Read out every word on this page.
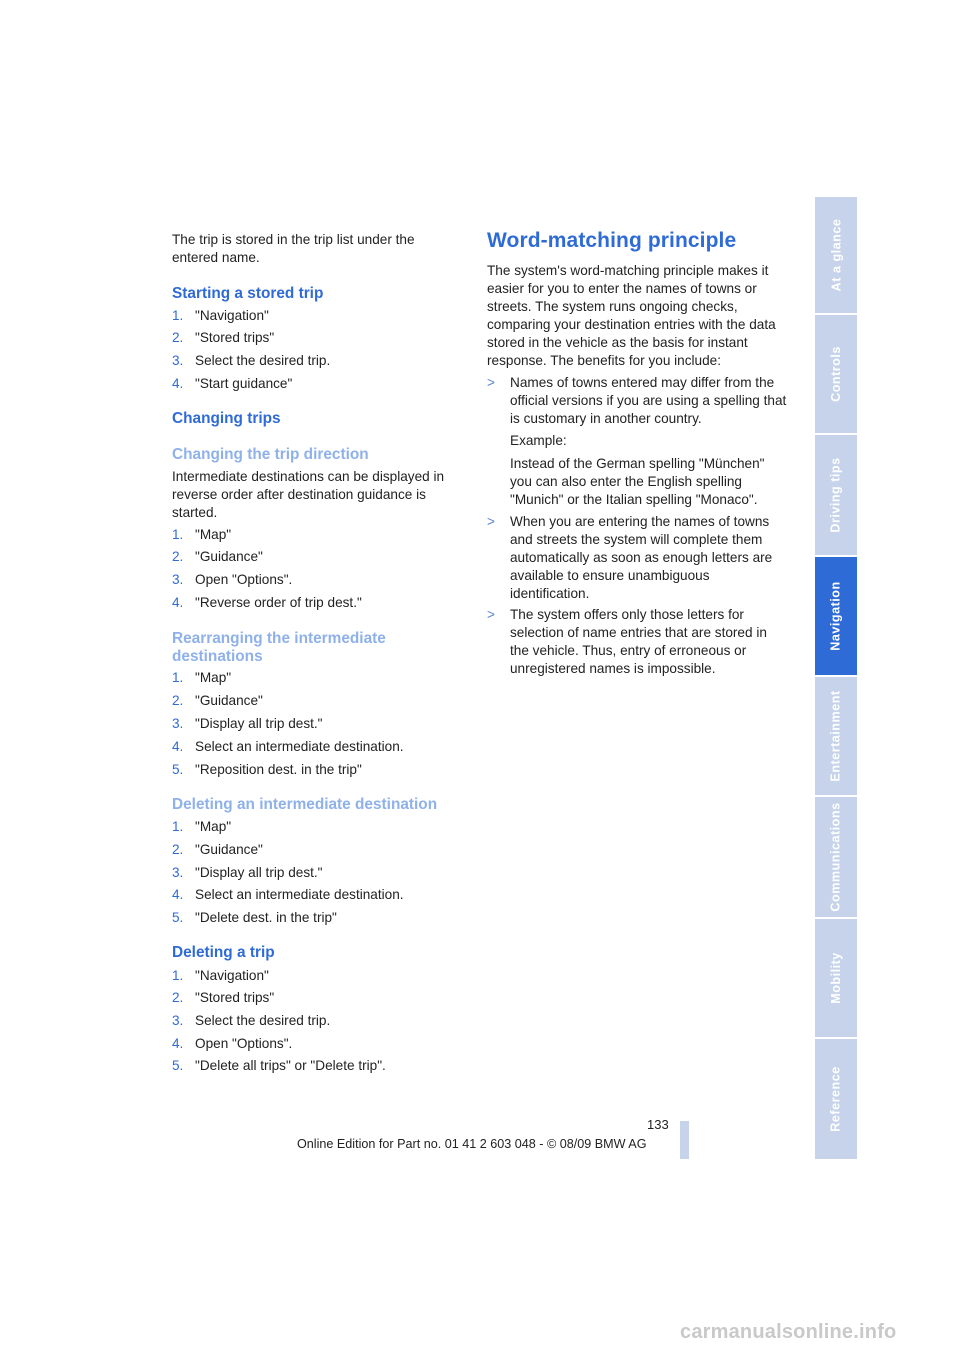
The trip is stored in the trip list under the entered name.

Starting a stored trip
1. "Navigation"
2. "Stored trips"
3. Select the desired trip.
4. "Start guidance"
Changing trips
Changing the trip direction

Intermediate destinations can be displayed in reverse order after destination guidance is started.

1. "Map"
2. "Guidance"
3. Open "Options".
4. "Reverse order of trip dest."
Rearranging the intermediate
destinations
1. "Map"
2. "Guidance"
3. "Display all trip dest."
4. Select an intermediate destination.
5. "Reposition dest. in the trip"
Deleting an intermediate destination
1. "Map"
2. "Guidance"
3. "Display all trip dest."
4. Select an intermediate destination.
5. "Delete dest. in the trip"
Deleting a trip
1. "Navigation"
2. "Stored trips"
3. Select the desired trip.
4. Open "Options".
5. "Delete all trips" or "Delete trip".
Word-matching principle

The system's word-matching principle makes it easier for you to enter the names of towns or streets. The system runs ongoing checks, comparing your destination entries with the data stored in the vehicle as the basis for instant response. The benefits for you include:

> Names of towns entered may differ from the official versions if you are using a spelling that is customary in another country.
Example:
Instead of the German spelling "München" you can also enter the English spelling "Munich" or the Italian spelling "Monaco".
> When you are entering the names of towns and streets the system will complete them automatically as soon as enough letters are available to ensure unambiguous identification.
> The system offers only those letters for selection of name entries that are stored in the vehicle. Thus, entry of erroneous or unregistered names is impossible.
At a glance
Controls
Driving tips
Navigation
Entertainment
Communications
Mobility
Reference
133
Online Edition for Part no. 01 41 2 603 048 - © 08/09 BMW AG
carmanualsonline.info
